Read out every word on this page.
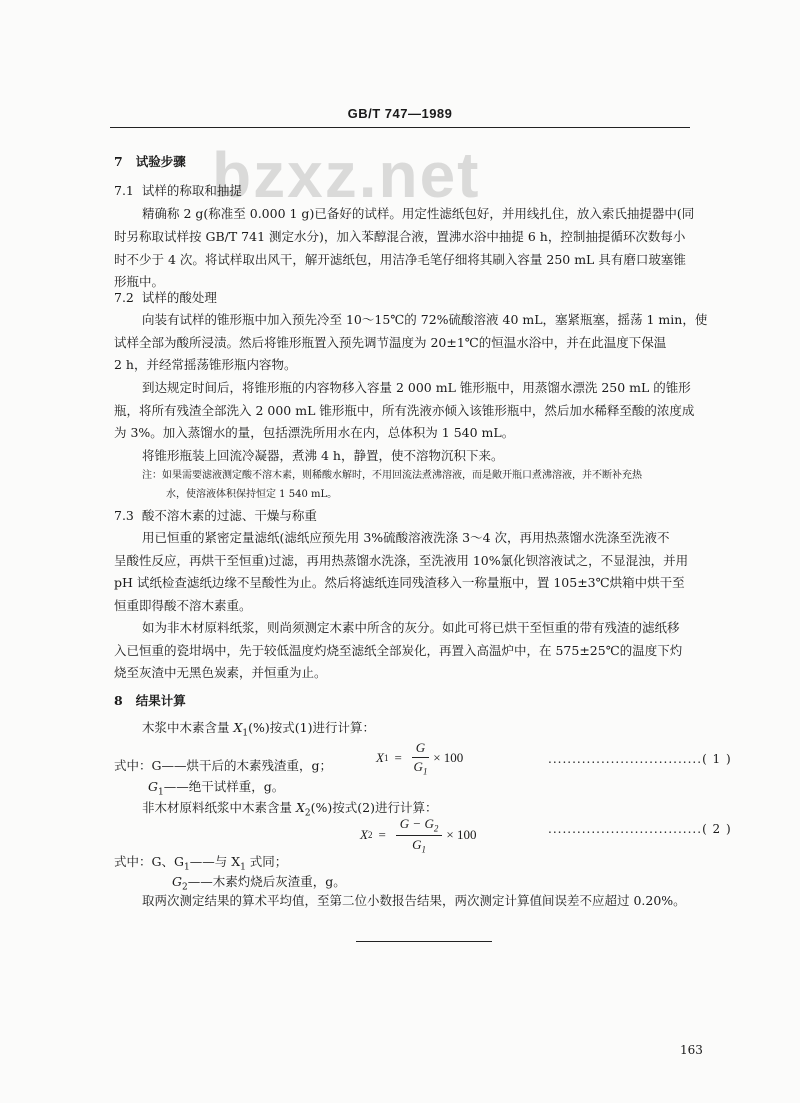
GB/T 747—1989
bzxz.net
7 试验步骤
7.1 试样的称取和抽提
精确称 2 g(称准至 0.000 1 g)已备好的试样。用定性滤纸包好，并用线扎住，放入索氏抽提器中(同
时另称取试样按 GB/T 741 测定水分)，加入苯醇混合液，置沸水浴中抽提 6 h，控制抽提循环次数每小
时不少于 4 次。将试样取出风干，解开滤纸包，用洁净毛笔仔细将其刷入容量 250 mL 具有磨口玻塞锥
形瓶中。
7.2 试样的酸处理
向装有试样的锥形瓶中加入预先冷至 10～15℃的 72%硫酸溶液 40 mL，塞紧瓶塞，摇荡 1 min，使
试样全部为酸所浸渍。然后将锥形瓶置入预先调节温度为 20±1℃的恒温水浴中，并在此温度下保温
2 h，并经常摇荡锥形瓶内容物。
到达规定时间后，将锥形瓶的内容物移入容量 2 000 mL 锥形瓶中，用蒸馏水漂洗 250 mL 的锥形
瓶，将所有残渣全部洗入 2 000 mL 锥形瓶中，所有洗液亦倾入该锥形瓶中，然后加水稀释至酸的浓度成
为 3%。加入蒸馏水的量，包括漂洗所用水在内，总体积为 1 540 mL。
将锥形瓶装上回流冷凝器，煮沸 4 h，静置，使不溶物沉积下来。
注：如果需要滤液测定酸不溶木素，则稀酸水解时，不用回流法煮沸溶液，而是敞开瓶口煮沸溶液，并不断补充热
水，使溶液体积保持恒定 1 540 mL。
7.3 酸不溶木素的过滤、干燥与称重
用已恒重的紧密定量滤纸(滤纸应预先用 3%硫酸溶液洗涤 3～4 次，再用热蒸馏水洗涤至洗液不
呈酸性反应，再烘干至恒重)过滤，再用热蒸馏水洗涤，至洗液用 10%氯化钡溶液试之，不显混浊，并用
pH 试纸检查滤纸边缘不呈酸性为止。然后将滤纸连同残渣移入一称量瓶中，置 105±3℃烘箱中烘干至
恒重即得酸不溶木素重。
如为非木材原料纸浆，则尚须测定木素中所含的灰分。如此可将已烘干至恒重的带有残渣的滤纸移
入已恒重的瓷坩埚中，先于较低温度灼烧至滤纸全部炭化，再置入高温炉中，在 575±25℃的温度下灼
烧至灰渣中无黑色炭素，并恒重为止。
8 结果计算
木浆中木素含量 $X_1(\%)$按式(1)进行计算：
X $1 = \frac{G}{G_1} \times 100$	................................( 1 )
式中：G——烘干后的木素残渣重，g；
$G_1——$绝干试样重，g。
非木材原料纸浆中木素含量 $X_2(\%)$按式(2)进行计算：
X $2 = \frac{G - G_2}{G_1} \times 100$	................................( 2 )
式中：G、$G_1——$与 $X_1$ 式同；
$G_2——$木素灼烧后灰渣重，g。
取两次测定结果的算术平均值，至第二位小数报告结果，两次测定计算值间误差不应超过 0.20%。
163
